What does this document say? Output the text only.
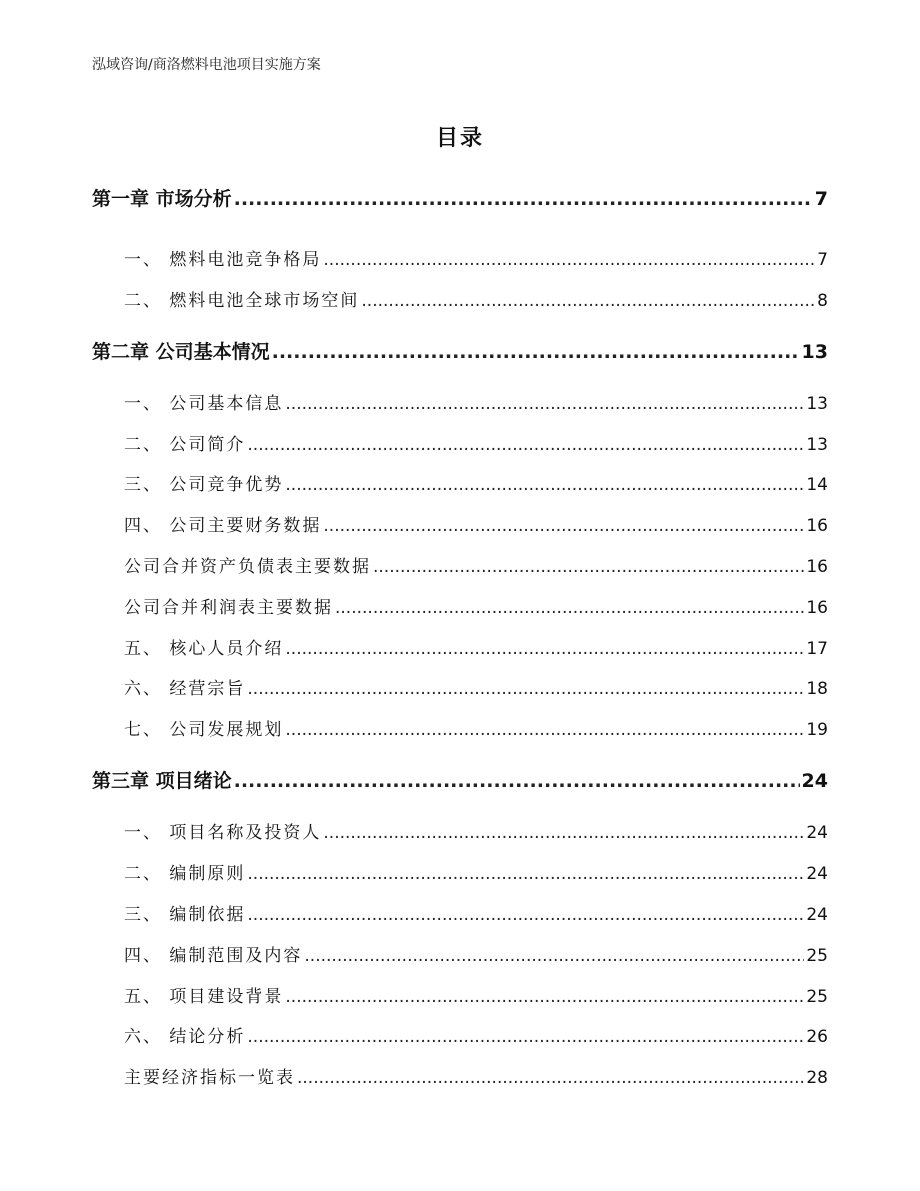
泓域咨询/商洛燃料电池项目实施方案
目录
第一章 市场分析 .....	7
一、 燃料电池竞争格局 .....	7
二、 燃料电池全球市场空间 .....	8
第二章 公司基本情况 .....	13
一、 公司基本信息 .....	13
二、 公司简介 .....	13
三、 公司竞争优势 .....	14
四、 公司主要财务数据 .....	16
公司合并资产负债表主要数据 .....	16
公司合并利润表主要数据 .....	16
五、 核心人员介绍 .....	17
六、 经营宗旨 .....	18
七、 公司发展规划 .....	19
第三章 项目绪论 .....	24
一、 项目名称及投资人 .....	24
二、 编制原则 .....	24
三、 编制依据 .....	24
四、 编制范围及内容 .....	25
五、 项目建设背景 .....	25
六、 结论分析 .....	26
主要经济指标一览表 .....	28
